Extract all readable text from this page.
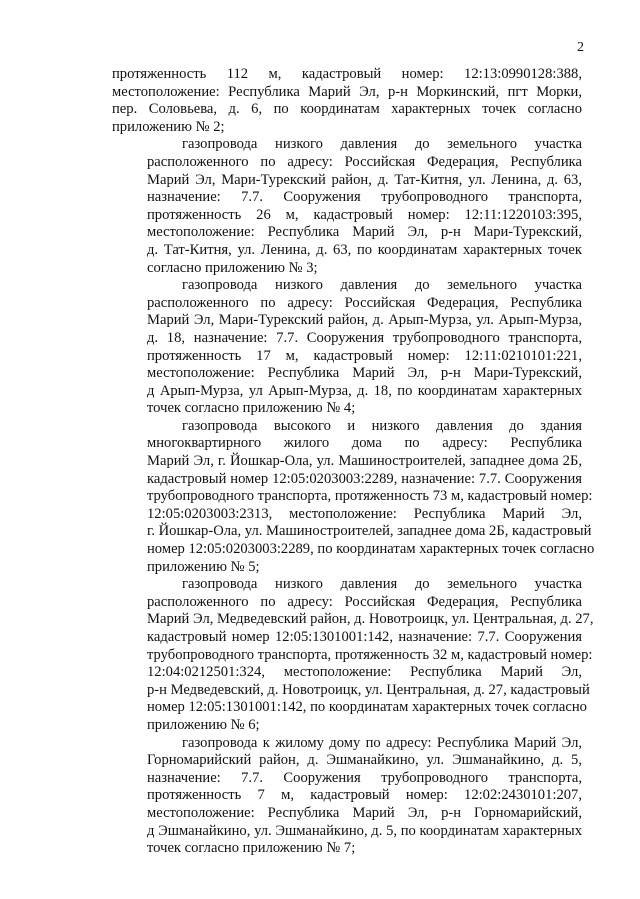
2
протяженность 112 м, кадастровый номер: 12:13:0990128:388,
местоположение: Республика Марий Эл, р-н Моркинский, пгт Морки,
пер. Соловьева, д. 6, по координатам характерных точек согласно
приложению № 2;
газопровода низкого давления до земельного участка
расположенного по адресу: Российская Федерация, Республика
Марий Эл, Мари-Турекский район, д. Тат-Китня, ул. Ленина, д. 63,
назначение: 7.7. Сооружения трубопроводного транспорта,
протяженность 26 м, кадастровый номер: 12:11:1220103:395,
местоположение: Республика Марий Эл, р-н Мари-Турекский,
д. Тат-Китня, ул. Ленина, д. 63, по координатам характерных точек
согласно приложению № 3;
газопровода низкого давления до земельного участка
расположенного по адресу: Российская Федерация, Республика
Марий Эл, Мари-Турекский район, д. Арып-Мурза, ул. Арып-Мурза,
д. 18, назначение: 7.7. Сооружения трубопроводного транспорта,
протяженность 17 м, кадастровый номер: 12:11:0210101:221,
местоположение: Республика Марий Эл, р-н Мари-Турекский,
д Арып-Мурза, ул Арып-Мурза, д. 18, по координатам характерных
точек согласно приложению № 4;
газопровода высокого и низкого давления до здания
многоквартирного жилого дома по адресу: Республика
Марий Эл, г. Йошкар-Ола, ул. Машиностроителей, западнее дома 2Б,
кадастровый номер 12:05:0203003:2289, назначение: 7.7. Сооружения
трубопроводного транспорта, протяженность 73 м, кадастровый номер:
12:05:0203003:2313, местоположение: Республика Марий Эл,
г. Йошкар-Ола, ул. Машиностроителей, западнее дома 2Б, кадастровый
номер 12:05:0203003:2289, по координатам характерных точек согласно
приложению № 5;
газопровода низкого давления до земельного участка
расположенного по адресу: Российская Федерация, Республика
Марий Эл, Медведевский район, д. Новотроицк, ул. Центральная, д. 27,
кадастровый номер 12:05:1301001:142, назначение: 7.7. Сооружения
трубопроводного транспорта, протяженность 32 м, кадастровый номер:
12:04:0212501:324, местоположение: Республика Марий Эл,
р-н Медведевский, д. Новотроицк, ул. Центральная, д. 27, кадастровый
номер 12:05:1301001:142, по координатам характерных точек согласно
приложению № 6;
газопровода к жилому дому по адресу: Республика Марий Эл,
Горномарийский район, д. Эшманайкино, ул. Эшманайкино, д. 5,
назначение: 7.7. Сооружения трубопроводного транспорта,
протяженность 7 м, кадастровый номер: 12:02:2430101:207,
местоположение: Республика Марий Эл, р-н Горномарийский,
д Эшманайкино, ул. Эшманайкино, д. 5, по координатам характерных
точек согласно приложению № 7;
